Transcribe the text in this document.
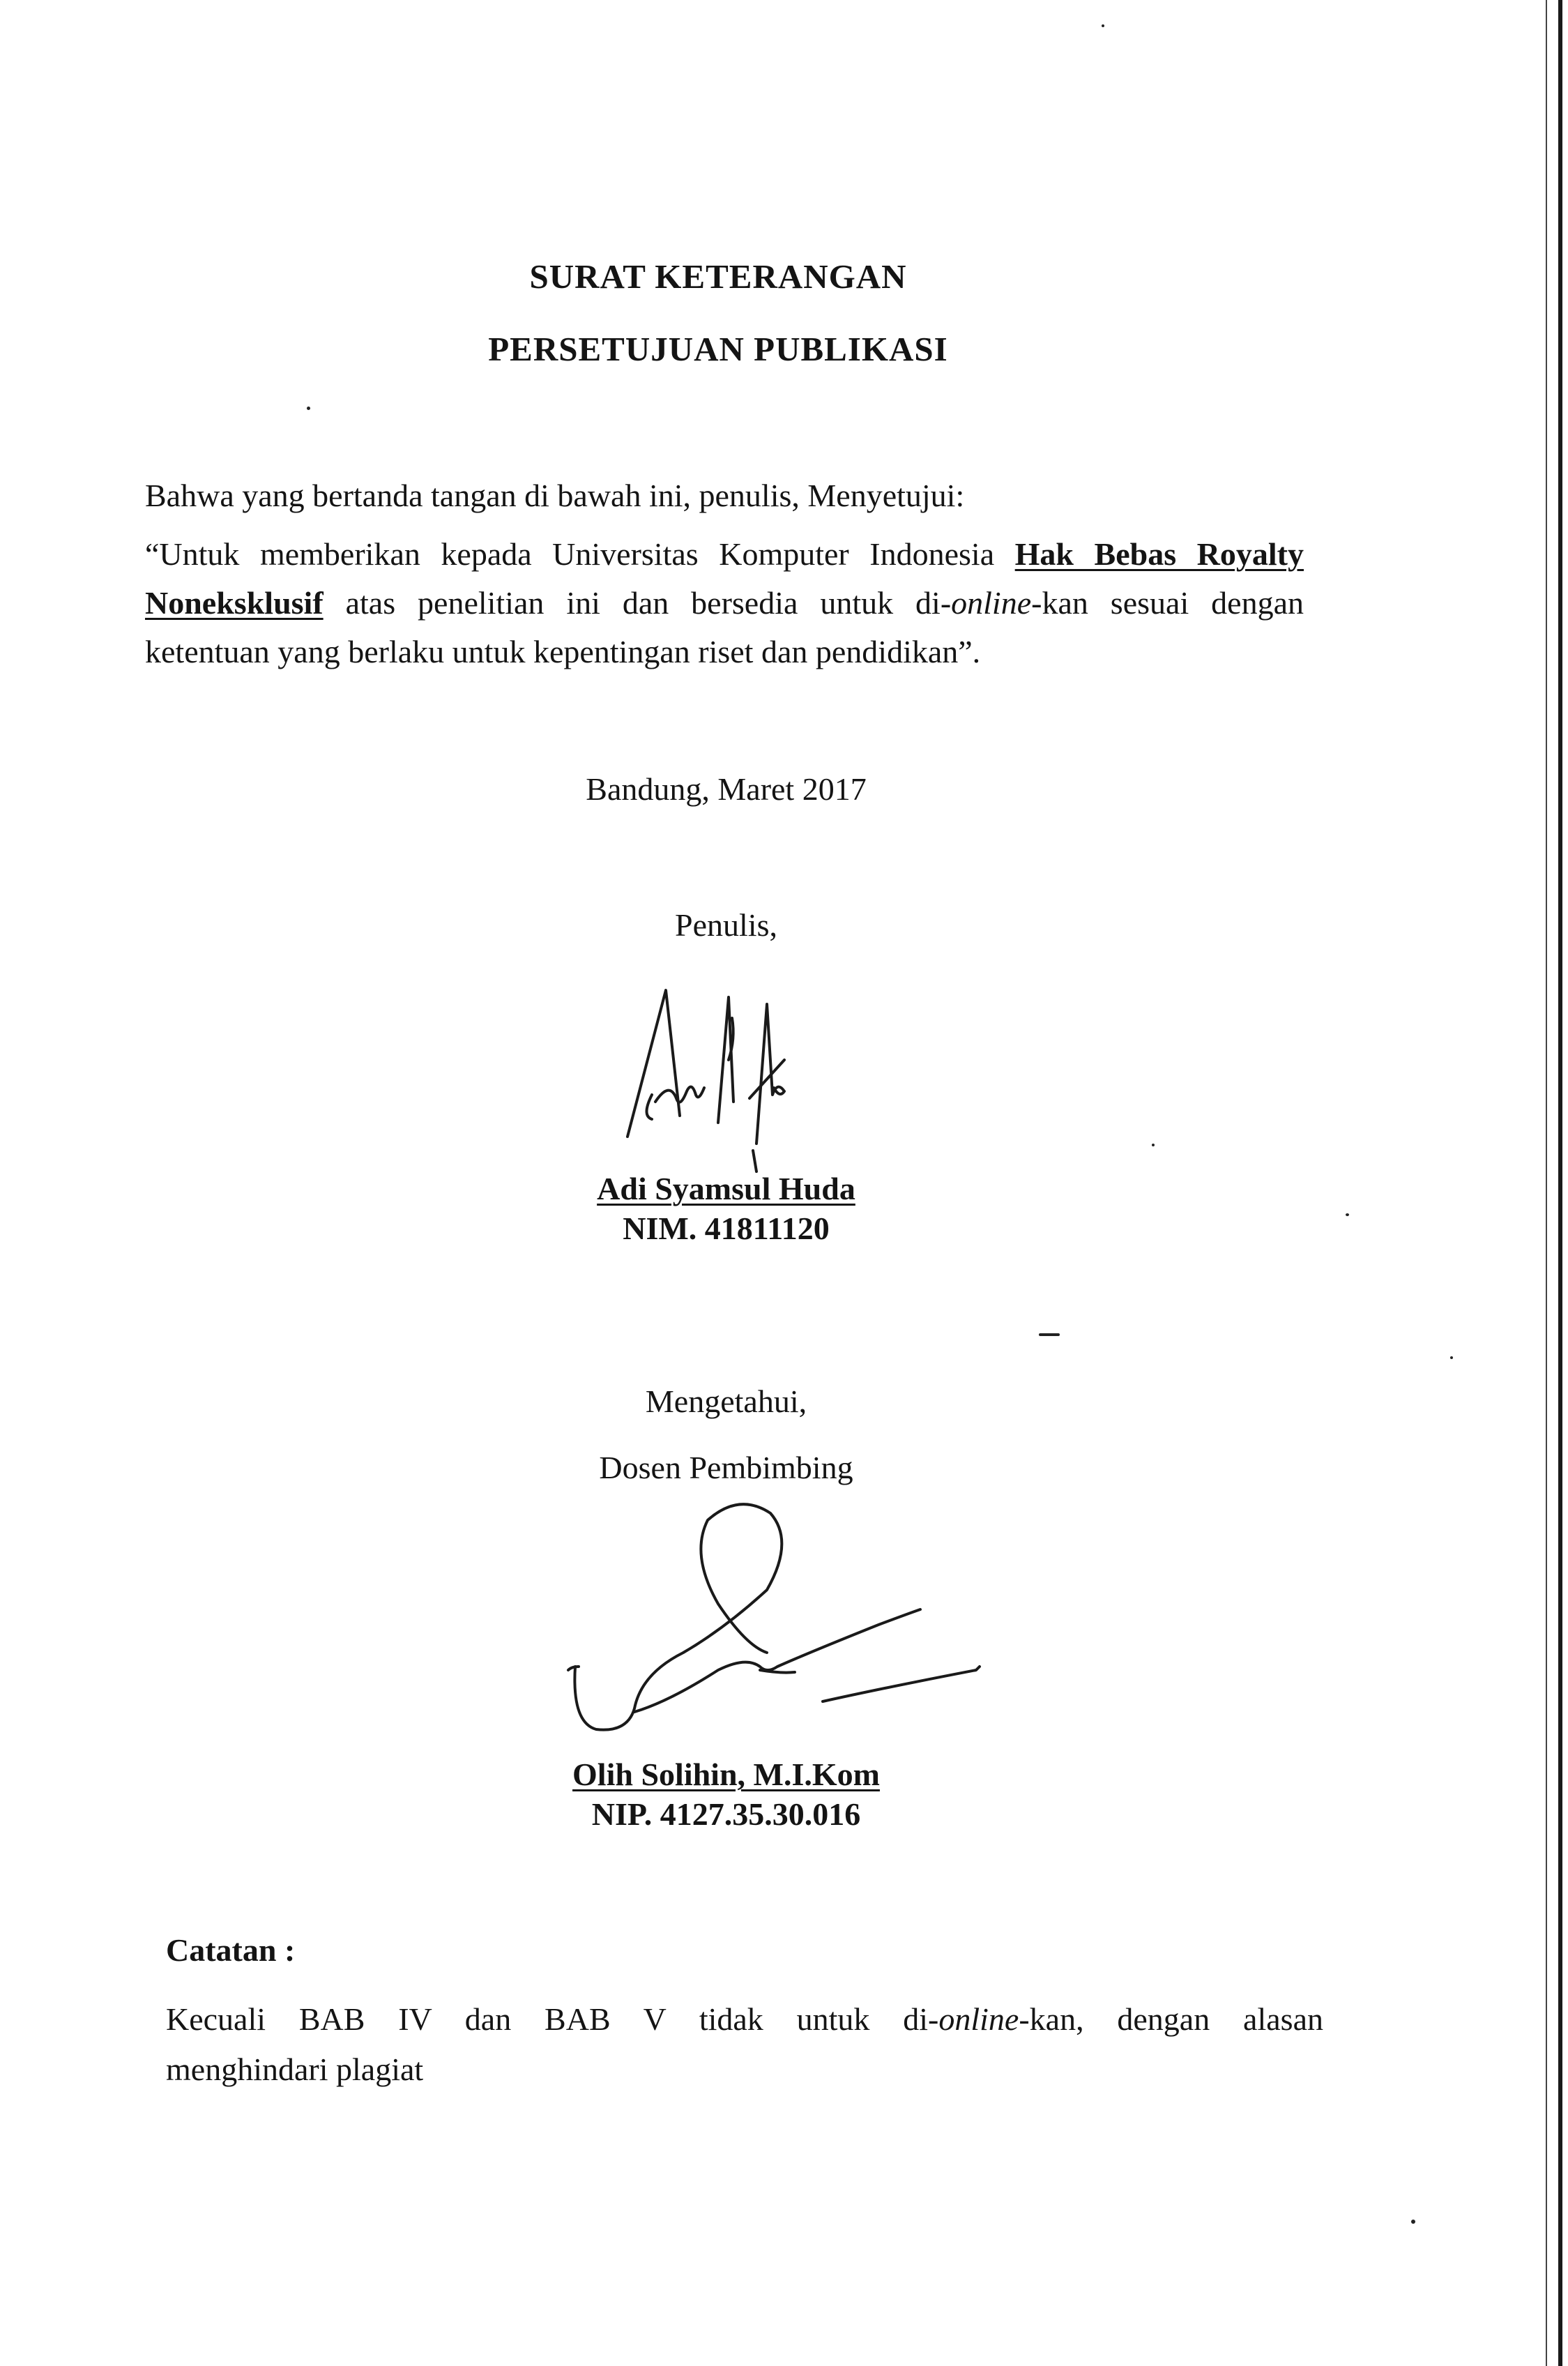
SURAT KETERANGAN
PERSETUJUAN PUBLIKASI
Bahwa yang bertanda tangan di bawah ini, penulis, Menyetujui:
“Untuk memberikan kepada Universitas Komputer Indonesia Hak Bebas Royalty
Noneksklusif atas penelitian ini dan bersedia untuk di-online-kan sesuai dengan
ketentuan yang berlaku untuk kepentingan riset dan pendidikan”.
Bandung, Maret 2017
Penulis,
Adi Syamsul Huda
NIM. 41811120
Mengetahui,
Dosen Pembimbing
Olih Solihin, M.I.Kom
NIP. 4127.35.30.016
Catatan :
Kecuali BAB IV dan BAB V tidak untuk di-online-kan, dengan alasan
menghindari plagiat
